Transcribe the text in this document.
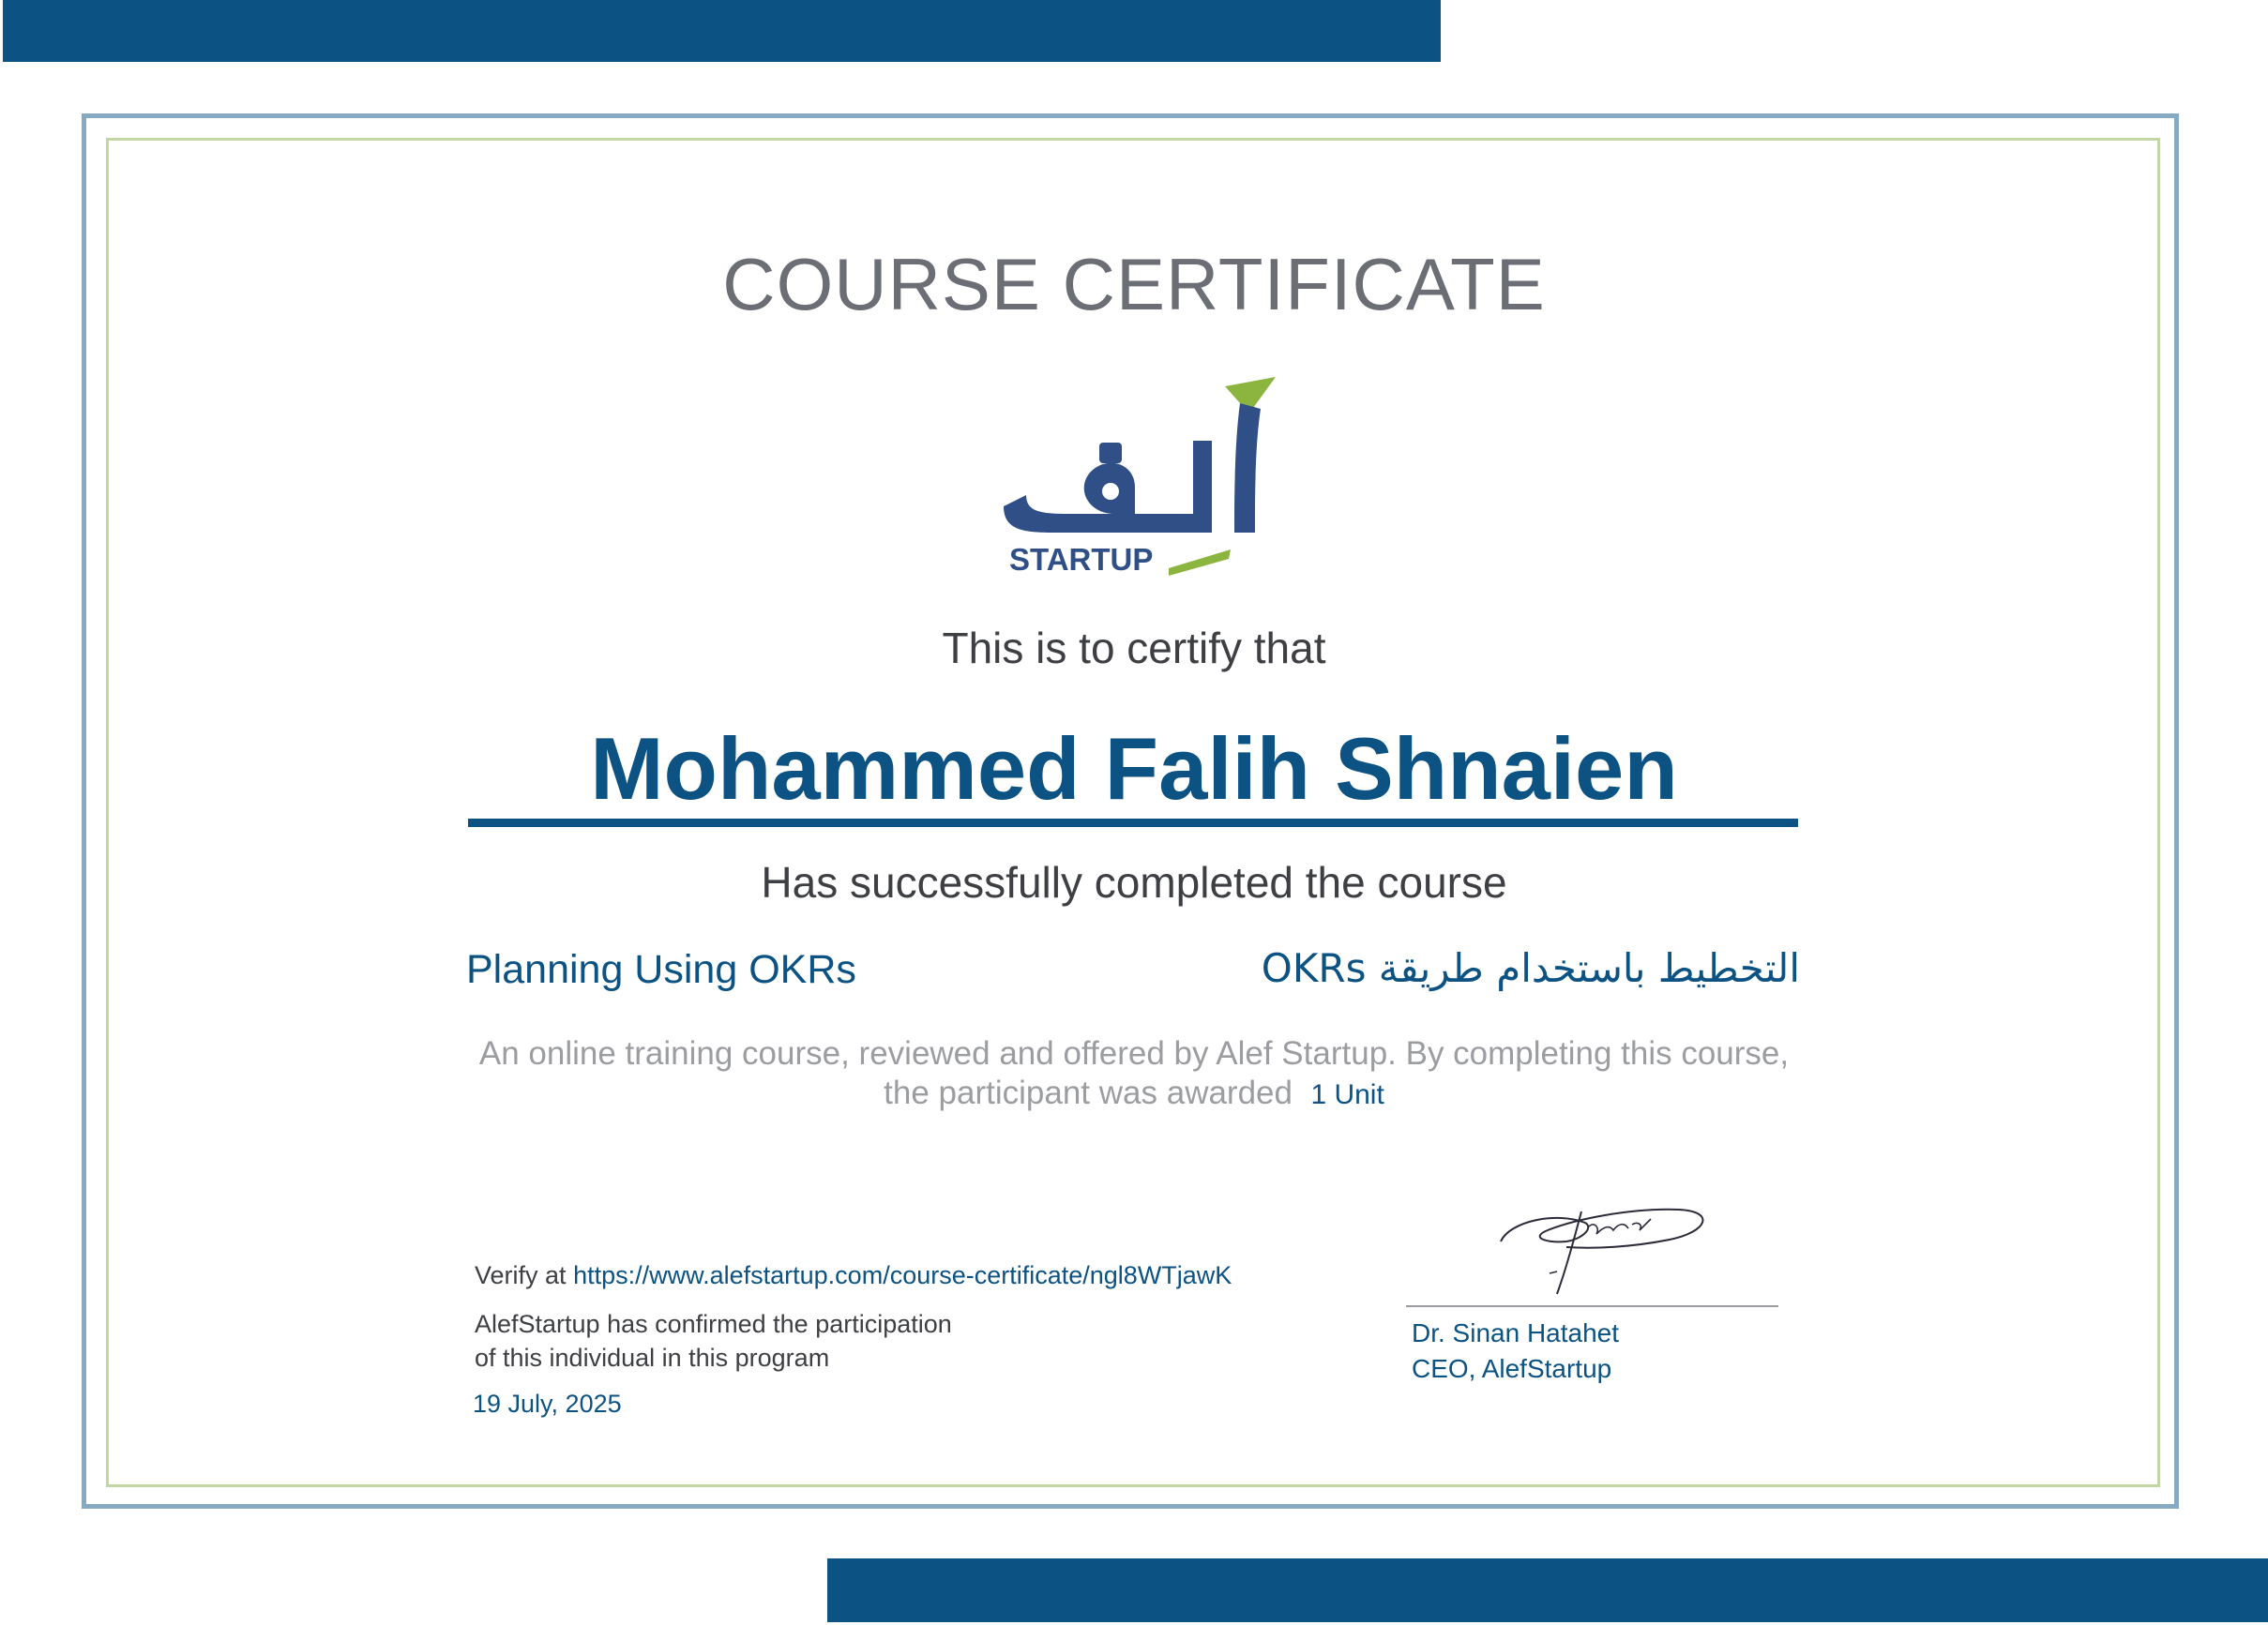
COURSE CERTIFICATE
STARTUP
This is to certify that
Mohammed Falih Shnaien
Has successfully completed the course
Planning Using OKRs	التخطيط باستخدام طريقة OKRs
An online training course, reviewed and offered by Alef Startup. By completing this course,
the participant was awarded 1 Unit
Verify at https://www.alefstartup.com/course-certificate/ngl8WTjawK
AlefStartup has confirmed the participation
of this individual in this program
19 July, 2025
Dr. Sinan Hatahet
CEO, AlefStartup
